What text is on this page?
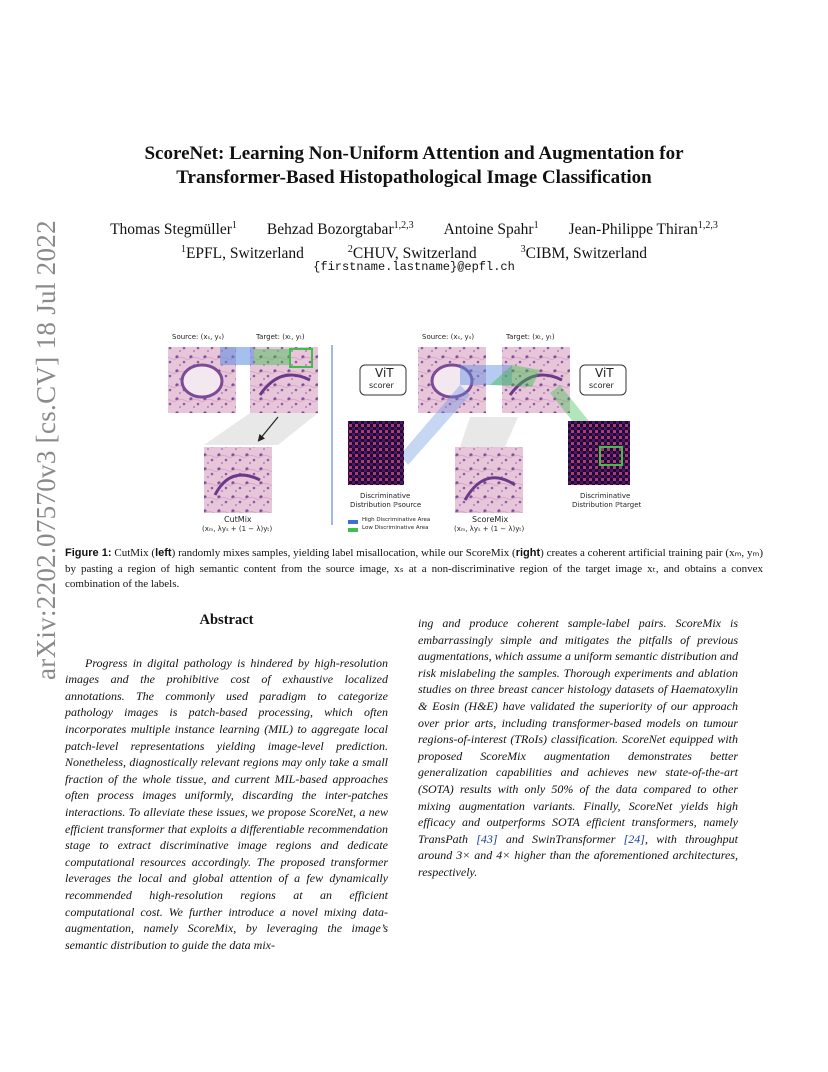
arXiv:2202.07570v3 [cs.CV] 18 Jul 2022
ScoreNet: Learning Non-Uniform Attention and Augmentation for
Transformer-Based Histopathological Image Classification
Thomas Stegmüller$^1$ Behzad Bozorgtabar$^{1,2,3}$ Antoine Spahr$^1$ Jean-Philippe Thiran$^{1,2,3}$
$^1$EPFL, Switzerland	$^2$CHUV, Switzerland	$^3$CIBM, Switzerland
{firstname.lastname}@epfl.ch
Source: (xₛ, yₛ)	Target: (xₜ, yₜ)
CutMix
(xₘ, λyₛ + (1 − λ)yₜ)
Source: (xₛ, yₛ)	Target: (xₜ, yₜ)
ViT
scorer
ViT
scorer
Discriminative
Distribution ℙsource
Discriminative
Distribution ℙtarget
High Discriminative Area
Low Discriminative Area
ScoreMix
(xₘ, λyₛ + (1 − λ)yₜ)
Figure 1: CutMix (left) randomly mixes samples, yielding label misallocation, while our ScoreMix (right) creates a coherent artificial training pair (xₘ, yₘ) by pasting a region of high semantic content from the source image, xₛ at a non-discriminative region of the target image xₜ, and obtains a convex combination of the labels.
Abstract

Progress in digital pathology is hindered by high-resolution images and the prohibitive cost of exhaustive localized annotations. The commonly used paradigm to categorize pathology images is patch-based processing, which often incorporates multiple instance learning (MIL) to aggregate local patch-level representations yielding image-level prediction. Nonetheless, diagnostically relevant regions may only take a small fraction of the whole tissue, and current MIL-based approaches often process images uniformly, discarding the inter-patches interactions. To alleviate these issues, we propose ScoreNet, a new efficient transformer that exploits a differentiable recommendation stage to extract discriminative image regions and dedicate computational resources accordingly. The proposed transformer leverages the local and global attention of a few dynamically recommended high-resolution regions at an efficient computational cost. We further introduce a novel mixing data-augmentation, namely ScoreMix, by leveraging the image’s semantic distribution to guide the data mix-

ing and produce coherent sample-label pairs. ScoreMix is embarrassingly simple and mitigates the pitfalls of previous augmentations, which assume a uniform semantic distribution and risk mislabeling the samples. Thorough experiments and ablation studies on three breast cancer histology datasets of Haematoxylin & Eosin (H&E) have validated the superiority of our approach over prior arts, including transformer-based models on tumour regions-of-interest (TRoIs) classification. ScoreNet equipped with proposed ScoreMix augmentation demonstrates better generalization capabilities and achieves new state-of-the-art (SOTA) results with only 50% of the data compared to other mixing augmentation variants. Finally, ScoreNet yields high efficacy and outperforms SOTA efficient transformers, namely TransPath [43] and SwinTransformer [24], with throughput around 3× and 4× higher than the aforementioned architectures, respectively.
